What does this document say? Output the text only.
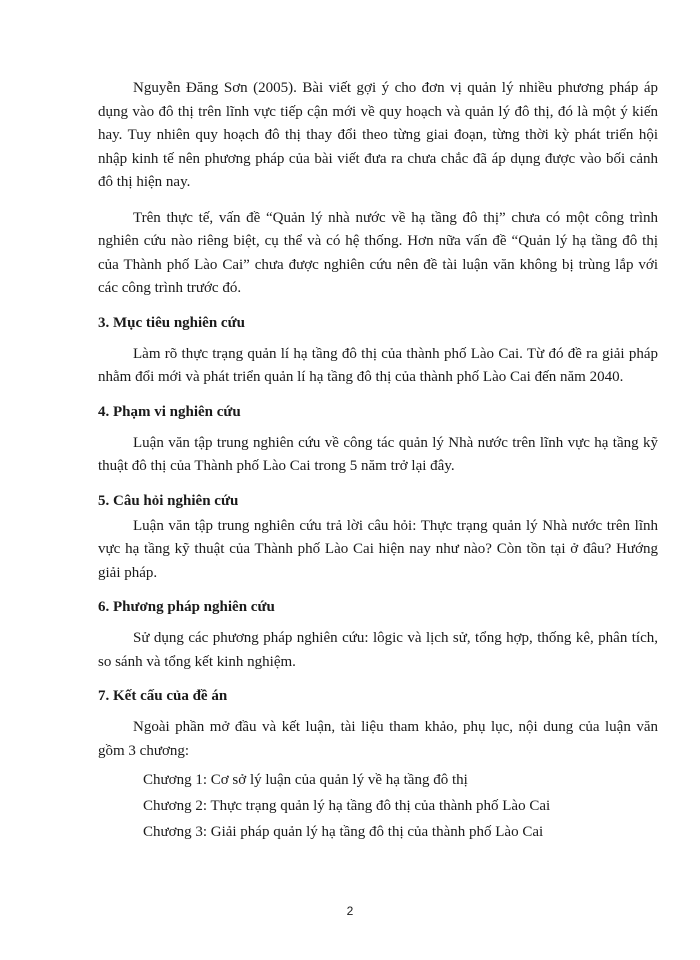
Nguyễn Đăng Sơn (2005). Bài viết gợi ý cho đơn vị quản lý nhiều phương pháp áp dụng vào đô thị trên lĩnh vực tiếp cận mới về quy hoạch và quản lý đô thị, đó là một ý kiến hay. Tuy nhiên quy hoạch đô thị thay đổi theo từng giai đoạn, từng thời kỳ phát triển hội nhập kinh tế nên phương pháp của bài viết đưa ra chưa chắc đã áp dụng được vào bối cảnh đô thị hiện nay.

Trên thực tế, vấn đề “Quản lý nhà nước về hạ tầng đô thị” chưa có một công trình nghiên cứu nào riêng biệt, cụ thể và có hệ thống. Hơn nữa vấn đề “Quản lý hạ tầng đô thị của Thành phố Lào Cai” chưa được nghiên cứu nên đề tài luận văn không bị trùng lắp với các công trình trước đó.

3. Mục tiêu nghiên cứu

Làm rõ thực trạng quản lí hạ tầng đô thị của thành phố Lào Cai. Từ đó đề ra giải pháp nhằm đổi mới và phát triển quản lí hạ tầng đô thị của thành phố Lào Cai đến năm 2040.

4. Phạm vi nghiên cứu

Luận văn tập trung nghiên cứu về công tác quản lý Nhà nước trên lĩnh vực hạ tầng kỹ thuật đô thị của Thành phố Lào Cai trong 5 năm trở lại đây.

5. Câu hỏi nghiên cứu

Luận văn tập trung nghiên cứu trả lời câu hỏi: Thực trạng quản lý Nhà nước trên lĩnh vực hạ tầng kỹ thuật của Thành phố Lào Cai hiện nay như nào? Còn tồn tại ở đâu? Hướng giải pháp.

6. Phương pháp nghiên cứu

Sử dụng các phương pháp nghiên cứu: lôgic và lịch sử, tổng hợp, thống kê, phân tích, so sánh và tổng kết kinh nghiệm.

7. Kết cấu của đề án

Ngoài phần mở đầu và kết luận, tài liệu tham khảo, phụ lục, nội dung của luận văn gồm 3 chương:

Chương 1: Cơ sở lý luận của quản lý về hạ tầng đô thị
Chương 2: Thực trạng quản lý hạ tầng đô thị của thành phố Lào Cai
Chương 3: Giải pháp quản lý hạ tầng đô thị của thành phố Lào Cai
2
